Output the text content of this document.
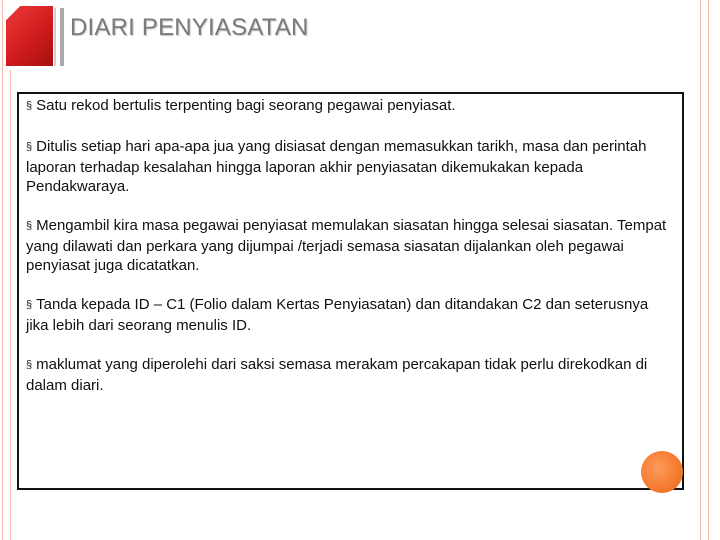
DIARI PENYIASATAN
§ Satu rekod bertulis terpenting bagi seorang pegawai penyiasat.
§ Ditulis setiap hari apa-apa jua yang disiasat dengan memasukkan tarikh, masa dan perintah laporan terhadap kesalahan hingga laporan akhir penyiasatan dikemukakan kepada Pendakwaraya.
§ Mengambil kira masa pegawai penyiasat memulakan siasatan hingga selesai siasatan. Tempat yang dilawati dan perkara yang dijumpai /terjadi semasa siasatan dijalankan oleh pegawai penyiasat juga dicatatkan.
§ Tanda kepada ID – C1 (Folio dalam Kertas Penyiasatan) dan ditandakan C2 dan seterusnya jika lebih dari seorang menulis ID.
§ maklumat yang diperolehi dari saksi semasa merakam percakapan tidak perlu direkodkan di dalam diari.
